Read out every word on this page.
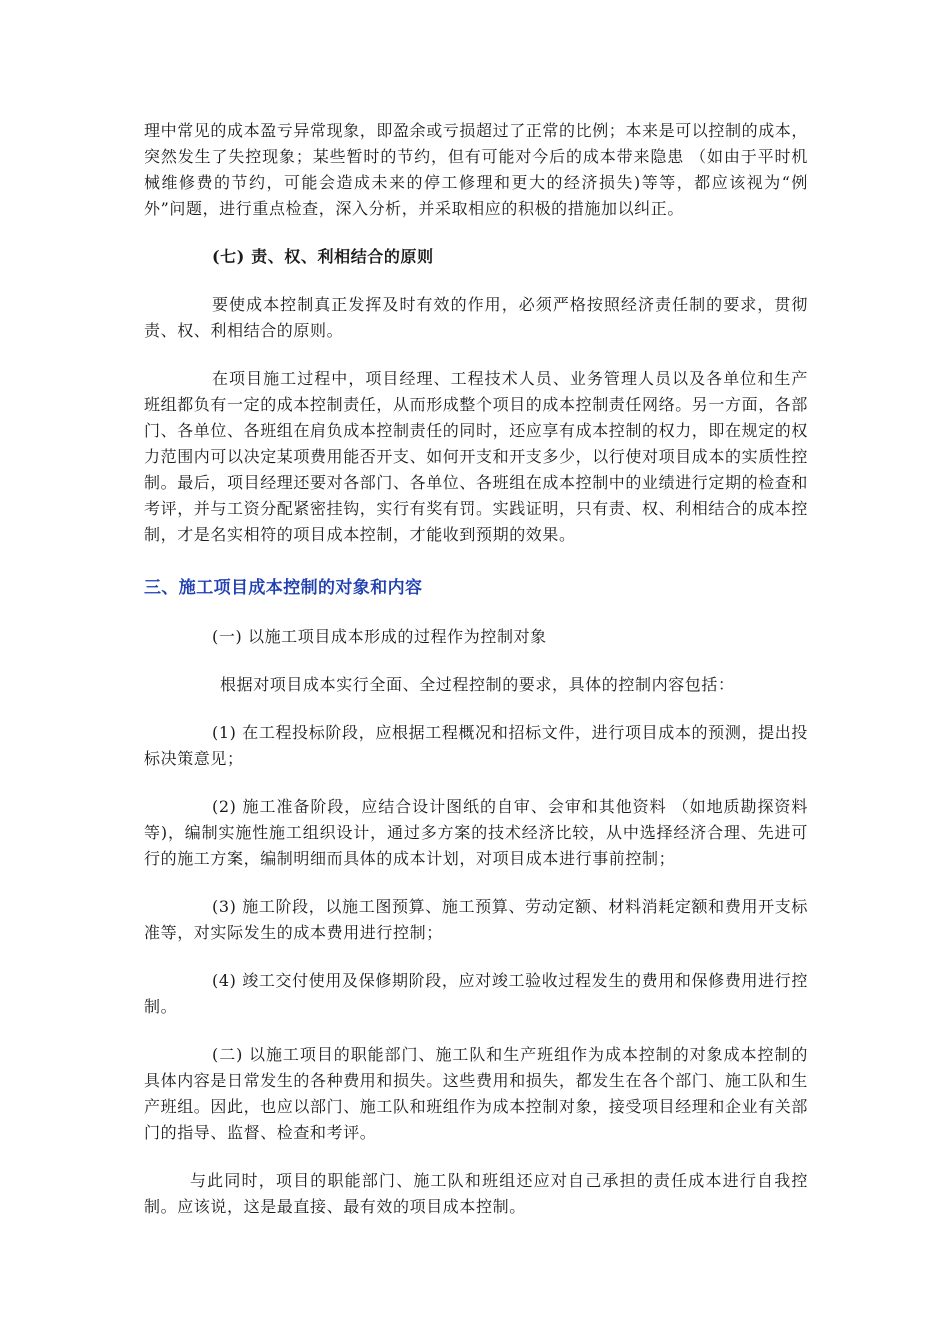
理中常见的成本盈亏异常现象，即盈余或亏损超过了正常的比例；本来是可以控制的成本，突然发生了失控现象；某些暂时的节约，但有可能对今后的成本带来隐患 （如由于平时机械维修费的节约，可能会造成未来的停工修理和更大的经济损失)等等，都应该视为“例外”问题，进行重点检查，深入分析，并采取相应的积极的措施加以纠正。

(七) 责、权、利相结合的原则

要使成本控制真正发挥及时有效的作用，必须严格按照经济责任制的要求，贯彻责、权、利相结合的原则。

在项目施工过程中，项目经理、工程技术人员、业务管理人员以及各单位和生产班组都负有一定的成本控制责任，从而形成整个项目的成本控制责任网络。另一方面，各部门、各单位、各班组在肩负成本控制责任的同时，还应享有成本控制的权力，即在规定的权力范围内可以决定某项费用能否开支、如何开支和开支多少，以行使对项目成本的实质性控制。最后，项目经理还要对各部门、各单位、各班组在成本控制中的业绩进行定期的检查和考评，并与工资分配紧密挂钩，实行有奖有罚。实践证明，只有责、权、利相结合的成本控制，才是名实相符的项目成本控制，才能收到预期的效果。

三、施工项目成本控制的对象和内容

(一) 以施工项目成本形成的过程作为控制对象

根据对项目成本实行全面、全过程控制的要求，具体的控制内容包括：

(1) 在工程投标阶段，应根据工程概况和招标文件，进行项目成本的预测，提出投标决策意见；

(2) 施工准备阶段，应结合设计图纸的自审、会审和其他资料 （如地质勘探资料等)，编制实施性施工组织设计，通过多方案的技术经济比较，从中选择经济合理、先进可行的施工方案，编制明细而具体的成本计划，对项目成本进行事前控制；

(3) 施工阶段，以施工图预算、施工预算、劳动定额、材料消耗定额和费用开支标准等，对实际发生的成本费用进行控制；

(4) 竣工交付使用及保修期阶段，应对竣工验收过程发生的费用和保修费用进行控制。

(二) 以施工项目的职能部门、施工队和生产班组作为成本控制的对象成本控制的具体内容是日常发生的各种费用和损失。这些费用和损失，都发生在各个部门、施工队和生产班组。因此，也应以部门、施工队和班组作为成本控制对象，接受项目经理和企业有关部门的指导、监督、检查和考评。

与此同时，项目的职能部门、施工队和班组还应对自己承担的责任成本进行自我控制。应该说，这是最直接、最有效的项目成本控制。
